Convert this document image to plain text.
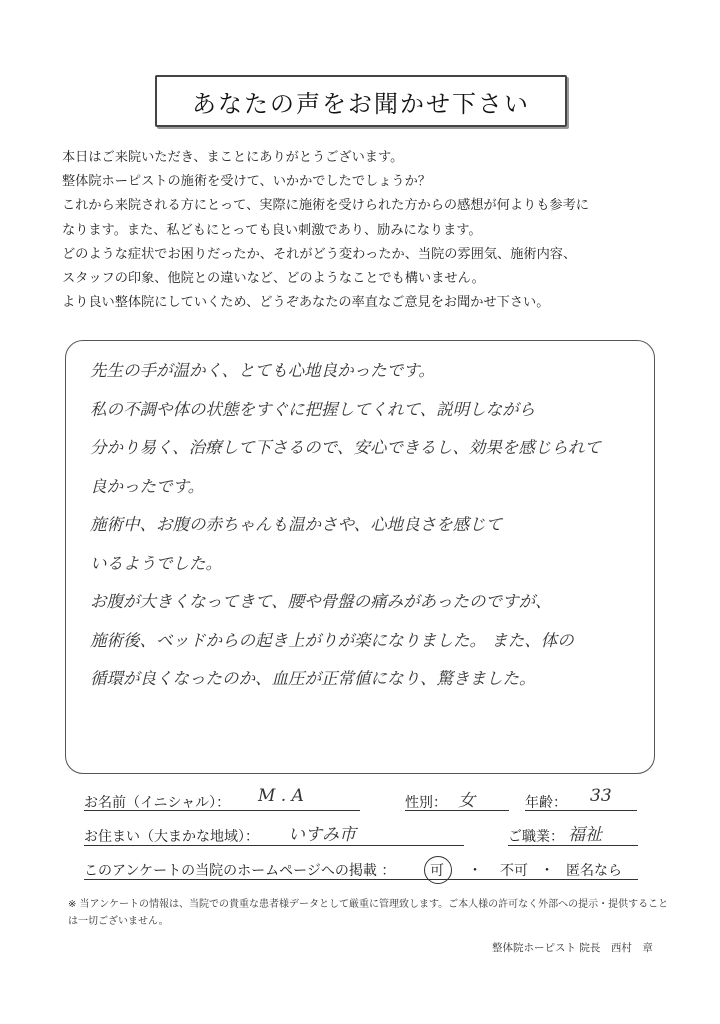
あなたの声をお聞かせ下さい
本日はご来院いただき、まことにありがとうございます。
整体院ホーピストの施術を受けて、いかかでしたでしょうか？
これから来院される方にとって、実際に施術を受けられた方からの感想が何よりも参考に
なります。また、私どもにとっても良い刺激であり、励みになります。
どのような症状でお困りだったか、それがどう変わったか、当院の雰囲気、施術内容、
スタッフの印象、他院との違いなど、どのようなことでも構いません。
より良い整体院にしていくため、どうぞあなたの率直なご意見をお聞かせ下さい。
先生の手が温かく、とても心地良かったです。
私の不調や体の状態をすぐに把握してくれて、説明しながら
分かり易く、治療して下さるので、安心できるし、効果を感じられて
良かったです。
施術中、お腹の赤ちゃんも温かさや、心地良さを感じて
いるようでした。
お腹が大きくなってきて、腰や骨盤の痛みがあったのですが、
施術後、ベッドからの起き上がりが楽になりました。 また、体の
循環が良くなったのか、血圧が正常値になり、驚きました。
お名前（イニシャル）： M . A	性別： 女	年齢： 33
お住まい（大まかな地域）： いすみ市	ご職業： 福祉
このアンケートの当院のホームページへの掲載 ： 可 ・ 不可 ・ 匿名なら
※ 当アンケートの情報は、当院での貴重な患者様データとして厳重に管理致します。ご本人様の許可なく外部への提示・提供することは一切ございません。
整体院ホーピスト 院長　西村　章
